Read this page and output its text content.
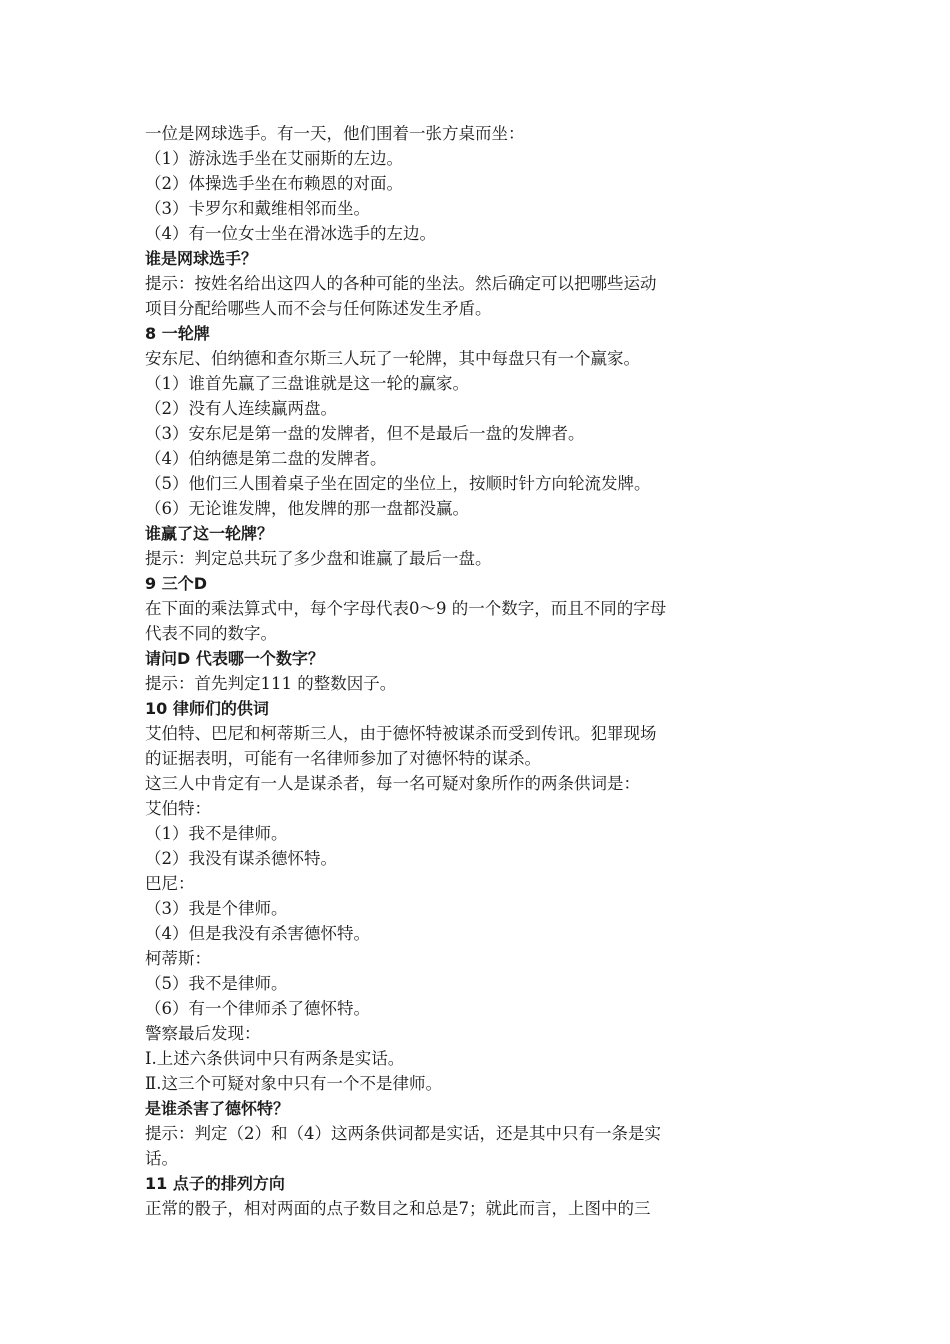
一位是网球选手。有一天，他们围着一张方桌而坐：
（1）游泳选手坐在艾丽斯的左边。
（2）体操选手坐在布赖恩的对面。
（3）卡罗尔和戴维相邻而坐。
（4）有一位女士坐在滑冰选手的左边。
谁是网球选手？
提示：按姓名给出这四人的各种可能的坐法。然后确定可以把哪些运动
项目分配给哪些人而不会与任何陈述发生矛盾。
8 一轮牌
安东尼、伯纳德和查尔斯三人玩了一轮牌，其中每盘只有一个赢家。
（1）谁首先赢了三盘谁就是这一轮的赢家。
（2）没有人连续赢两盘。
（3）安东尼是第一盘的发牌者，但不是最后一盘的发牌者。
（4）伯纳德是第二盘的发牌者。
（5）他们三人围着桌子坐在固定的坐位上，按顺时针方向轮流发牌。
（6）无论谁发牌，他发牌的那一盘都没赢。
谁赢了这一轮牌？
提示：判定总共玩了多少盘和谁赢了最后一盘。
9 三个D
在下面的乘法算式中，每个字母代表0～9 的一个数字，而且不同的字母
代表不同的数字。
请问D 代表哪一个数字？
提示：首先判定111 的整数因子。
10 律师们的供词
艾伯特、巴尼和柯蒂斯三人，由于德怀特被谋杀而受到传讯。犯罪现场
的证据表明，可能有一名律师参加了对德怀特的谋杀。
这三人中肯定有一人是谋杀者，每一名可疑对象所作的两条供词是：
艾伯特：
（1）我不是律师。
（2）我没有谋杀德怀特。
巴尼：
（3）我是个律师。
（4）但是我没有杀害德怀特。
柯蒂斯：
（5）我不是律师。
（6）有一个律师杀了德怀特。
警察最后发现：
Ⅰ.上述六条供词中只有两条是实话。
Ⅱ.这三个可疑对象中只有一个不是律师。
是谁杀害了德怀特？
提示：判定（2）和（4）这两条供词都是实话，还是其中只有一条是实
话。
11 点子的排列方向
正常的骰子，相对两面的点子数目之和总是7；就此而言，上图中的三
